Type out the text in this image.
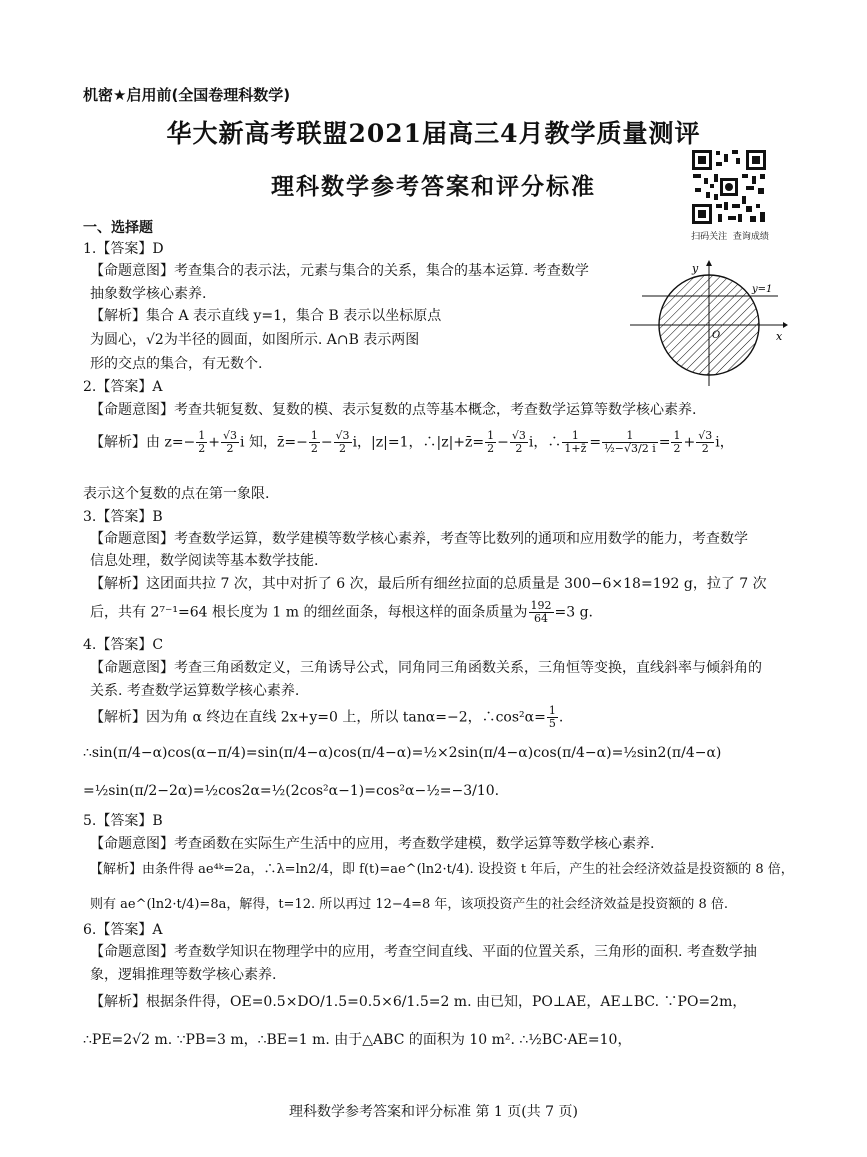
机密★启用前(全国卷理科数学)
华大新高考联盟2021届高三4月教学质量测评
理科数学参考答案和评分标准
扫码关注  查询成绩
一、选择题
1.【答案】D
【命题意图】考查集合的表示法，元素与集合的关系，集合的基本运算. 考查数学
抽象数学核心素养.
【解析】集合 A 表示直线 y=1，集合 B 表示以坐标原点
为圆心，√2为半径的圆面，如图所示. A∩B 表示两图
形的交点的集合，有无数个.
y
x
O
y=1
2.【答案】A
【命题意图】考查共轭复数、复数的模、表示复数的点等基本概念，考查数学运算等数学核心素养.
【解析】由 $z=- \frac{1}{2} + \frac{√3}{2}$ i 知，z̄=− $\frac{1}{2} - \frac{√3}{2}$ i，|z|=1，∴|z|+z̄= $\frac{1}{2} - \frac{√3}{2}$ i，∴ $\frac{1}{1+z̄} = \frac{1}{\text{½−√3/2 i}} = \frac{1}{2} + \frac{√3}{2}$ i，
表示这个复数的点在第一象限.
3.【答案】B
【命题意图】考查数学运算，数学建模等数学核心素养，考查等比数列的通项和应用数学的能力，考查数学
信息处理，数学阅读等基本数学技能.
【解析】这团面共拉 7 次，其中对折了 6 次，最后所有细丝拉面的总质量是 300−6×18=192 g，拉了 7 次
后，共有 2⁷⁻¹=64 根长度为 1 m 的细丝面条，每根这样的面条质量为 $\frac{192}{64} =3$ g.
4.【答案】C
【命题意图】考查三角函数定义，三角诱导公式，同角同三角函数关系，三角恒等变换，直线斜率与倾斜角的
关系. 考查数学运算数学核心素养.
【解析】因为角 α 终边在直线 2x+y=0 上，所以 tanα=−2，∴cos²α= $\frac{1}{5}$ .
∴sin(π/4−α)cos(α−π/4)=sin(π/4−α)cos(π/4−α)=½×2sin(π/4−α)cos(π/4−α)=½sin2(π/4−α)
=½sin(π/2−2α)=½cos2α=½(2cos²α−1)=cos²α−½=−3/10.
5.【答案】B
【命题意图】考查函数在实际生产生活中的应用，考查数学建模，数学运算等数学核心素养.
【解析】由条件得 ae⁴ᵏ=2a，∴λ=ln2/4，即 f(t)=ae^(ln2·t/4). 设投资 t 年后，产生的社会经济效益是投资额的 8 倍，
则有 ae^(ln2·t/4)=8a，解得，t=12. 所以再过 12−4=8 年，该项投资产生的社会经济效益是投资额的 8 倍.
6.【答案】A
【命题意图】考查数学知识在物理学中的应用，考查空间直线、平面的位置关系，三角形的面积. 考查数学抽
象，逻辑推理等数学核心素养.
【解析】根据条件得，OE=0.5×DO/1.5=0.5×6/1.5=2 m. 由已知，PO⊥AE，AE⊥BC. ∵PO=2m，
∴PE=2√2 m. ∵PB=3 m，∴BE=1 m. 由于△ABC 的面积为 10 m². ∴½BC·AE=10，
理科数学参考答案和评分标准 第 1 页(共 7 页)
